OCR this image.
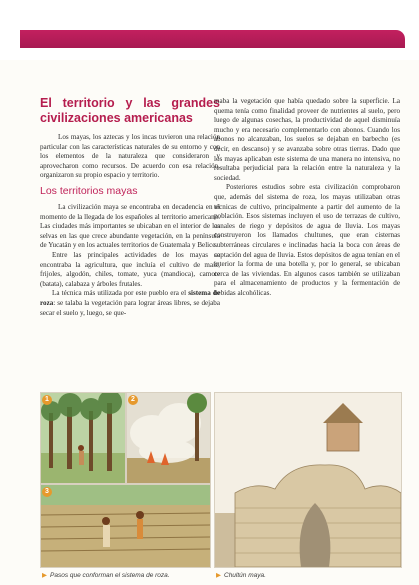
El territorio y las grandes civilizaciones americanas

Los mayas, los aztecas y los incas tuvieron una relación particular con las características naturales de su entorno y con los elementos de la naturaleza que consideraron y aprovecharon como recursos. De acuerdo con esa relación, organizaron su propio espacio y territorio.

Los territorios mayas

La civilización maya se encontraba en decadencia en el momento de la llegada de los españoles al territorio americano. Las ciudades más importantes se ubicaban en el interior de las selvas en las que crece abundante vegetación, en la península de Yucatán y en los actuales territorios de Guatemala y Belice.

Entre las principales actividades de los mayas se encontraba la agricultura, que incluía el cultivo de maíz, frijoles, algodón, chiles, tomate, yuca (mandioca), camote (batata), calabaza y árboles frutales.

La técnica más utilizada por este pueblo era el sistema de roza: se talaba la vegetación para lograr áreas libres, se dejaba secar el suelo y, luego, se que-

maba la vegetación que había quedado sobre la superficie. La quema tenía como finalidad proveer de nutrientes al suelo, pero luego de algunas cosechas, la productividad de aquel disminuía mucho y era necesario complementarlo con abonos. Cuando los abonos no alcanzaban, los suelos se dejaban en barbecho (es decir, en descanso) y se avanzaba sobre otras tierras. Dado que los mayas aplicaban este sistema de una manera no intensiva, no resultaba perjudicial para la relación entre la naturaleza y la sociedad.

Posteriores estudios sobre esta civilización comprobaron que, además del sistema de roza, los mayas utilizaban otras técnicas de cultivo, principalmente a partir del aumento de la población. Esos sistemas incluyen el uso de terrazas de cultivo, canales de riego y depósitos de agua de lluvia. Los mayas construyeron los llamados chultunes, que eran cisternas subterráneas circulares e inclinadas hacia la boca con áreas de captación del agua de lluvia. Estos depósitos de agua tenían en el interior la forma de una botella y, por lo general, se ubicaban cerca de las viviendas. En algunos casos también se utilizaban para el almacenamiento de productos y la fermentación de bebidas alcohólicas.

1	2
3
▶ Pasos que conforman el sistema de roza.	▶ Chultún maya.
